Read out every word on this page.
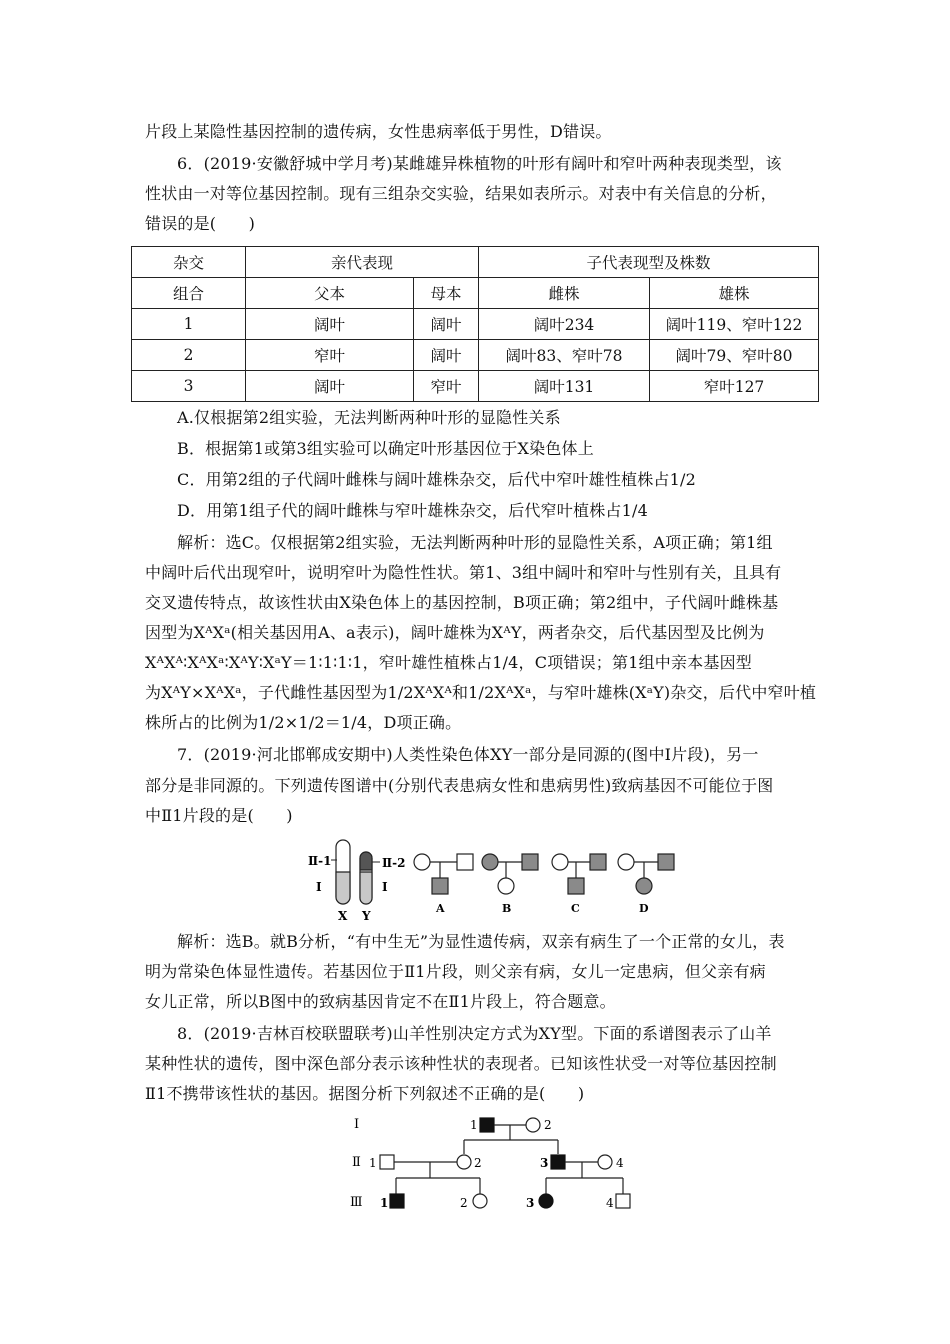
片段上某隐性基因控制的遗传病，女性患病率低于男性，D错误。
6．(2019·安徽舒城中学月考)某雌雄异株植物的叶形有阔叶和窄叶两种表现类型，该
性状由一对等位基因控制。现有三组杂交实验，结果如表所示。对表中有关信息的分析，
错误的是(　　)
杂交	亲代表现		子代表现型及株数	
组合	父本	母本	雌株	雄株
1	阔叶	阔叶	阔叶234	阔叶119、窄叶122
2	窄叶	阔叶	阔叶83、窄叶78	阔叶79、窄叶80
3	阔叶	窄叶	阔叶131	窄叶127
A.仅根据第2组实验，无法判断两种叶形的显隐性关系
B．根据第1或第3组实验可以确定叶形基因位于X染色体上
C．用第2组的子代阔叶雌株与阔叶雄株杂交，后代中窄叶雄性植株占1/2
D．用第1组子代的阔叶雌株与窄叶雄株杂交，后代窄叶植株占1/4
解析：选C。仅根据第2组实验，无法判断两种叶形的显隐性关系，A项正确；第1组
中阔叶后代出现窄叶，说明窄叶为隐性性状。第1、3组中阔叶和窄叶与性别有关，且具有
交叉遗传特点，故该性状由X染色体上的基因控制，B项正确；第2组中，子代阔叶雌株基
因型为XᴬXᵃ(相关基因用A、a表示)，阔叶雄株为XᴬY，两者杂交，后代基因型及比例为
XᴬXᴬ∶XᴬXᵃ∶XᴬY∶XᵃY＝1∶1∶1∶1，窄叶雄性植株占1/4，C项错误；第1组中亲本基因型
为XᴬY×XᴬXᵃ，子代雌性基因型为1/2XᴬXᴬ和1/2XᴬXᵃ，与窄叶雄株(XᵃY)杂交，后代中窄叶植
株所占的比例为1/2×1/2＝1/4，D项正确。
7．(2019·河北邯郸成安期中)人类性染色体XY一部分是同源的(图中Ⅰ片段)，另一
部分是非同源的。下列遗传图谱中(分别代表患病女性和患病男性)致病基因不可能位于图
中Ⅱ1片段的是(　　)
Ⅱ-1	Ⅱ-2
Ⅰ	Ⅰ
X Y
A	B	C	D
解析：选B。就B分析，“有中生无”为显性遗传病，双亲有病生了一个正常的女儿，表
明为常染色体显性遗传。若基因位于Ⅱ1片段，则父亲有病，女儿一定患病，但父亲有病
女儿正常，所以B图中的致病基因肯定不在Ⅱ1片段上，符合题意。
8．(2019·吉林百校联盟联考)山羊性别决定方式为XY型。下面的系谱图表示了山羊
某种性状的遗传，图中深色部分表示该种性状的表现者。已知该性状受一对等位基因控制
Ⅱ1不携带该性状的基因。据图分析下列叙述不正确的是(　　)
Ⅰ
Ⅱ
Ⅲ
1	2
1	2	3	4
1	2	3	4
